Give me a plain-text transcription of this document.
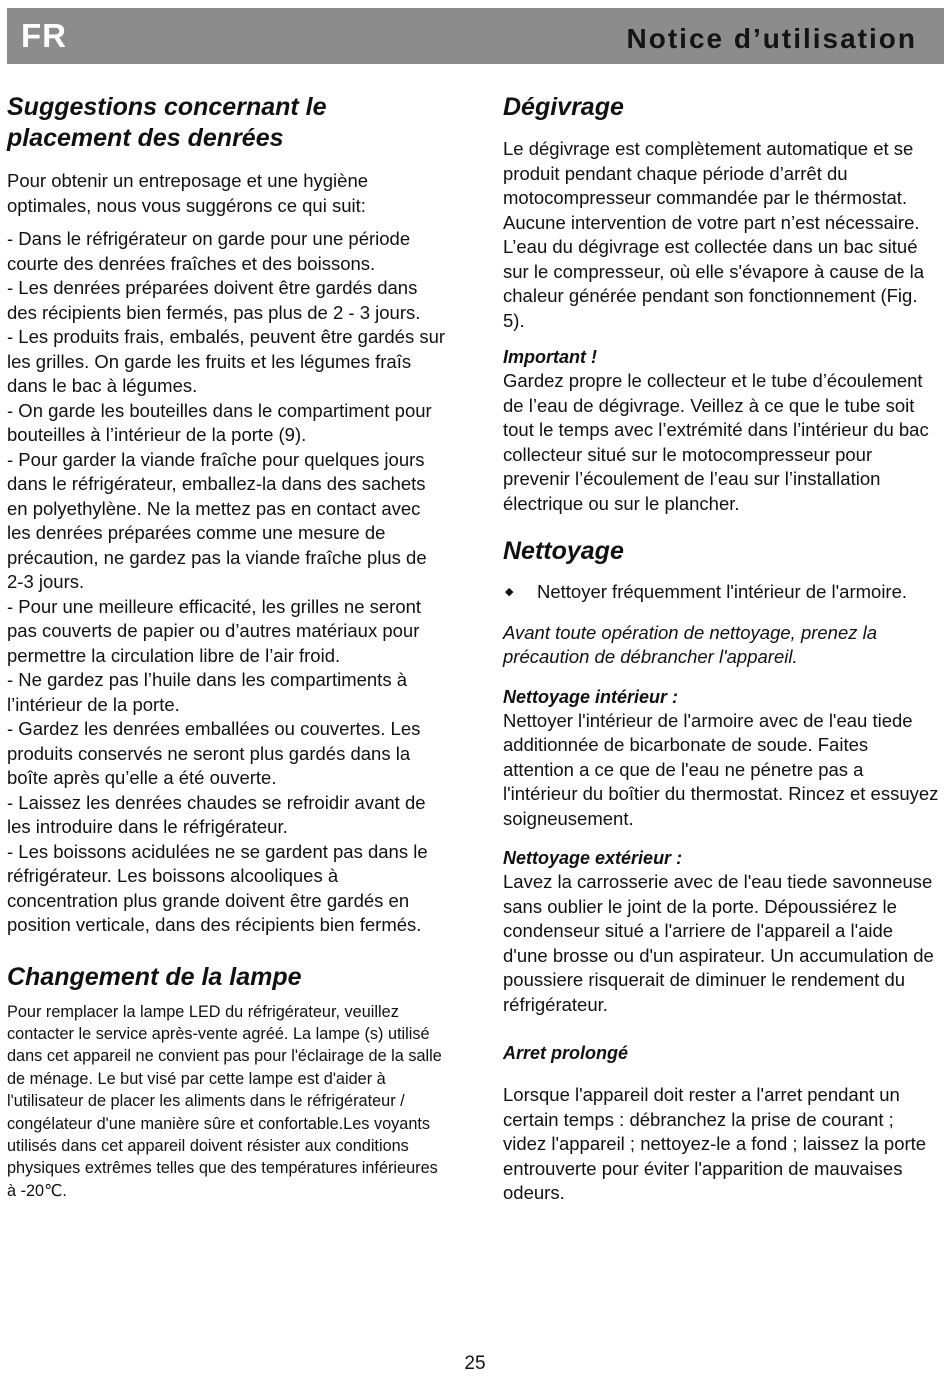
FR	Notice d’utilisation
Suggestions concernant le placement des denrées

Pour obtenir un entreposage et une hygiène optimales, nous vous suggérons ce qui suit:

- Dans le réfrigérateur on garde pour une période courte des denrées fraîches et des boissons.

- Les denrées préparées doivent être gardés dans des récipients bien fermés, pas plus de 2 - 3 jours.

- Les produits frais, embalés, peuvent être gardés sur les grilles. On garde les fruits et les légumes fraîs dans le bac à légumes.

- On garde les bouteilles dans le compartiment pour bouteilles à l’intérieur de la porte (9).

- Pour garder la viande fraîche pour quelques jours dans le réfrigérateur, emballez-la dans des sachets en polyethylène. Ne la mettez pas en contact avec les denrées préparées comme une mesure de précaution, ne gardez pas la viande fraîche plus de 2-3 jours.

- Pour une meilleure efficacité, les grilles ne seront pas couverts de papier ou d’autres matériaux pour permettre la circulation libre de l’air froid.

- Ne gardez pas l’huile dans les compartiments à l’intérieur de la porte.

- Gardez les denrées emballées ou couvertes. Les produits conservés ne seront plus gardés dans la boîte après qu’elle a été ouverte.

- Laissez les denrées chaudes se refroidir avant de les introduire dans le réfrigérateur.

- Les boissons acidulées ne se gardent pas dans le réfrigérateur. Les boissons alcooliques à concentration plus grande doivent être gardés en position verticale, dans des récipients bien fermés.

Changement de la lampe

Pour remplacer la lampe LED du réfrigérateur, veuillez contacter le service après-vente agréé. La lampe (s) utilisé dans cet appareil ne convient pas pour l'éclairage de la salle de ménage. Le but visé par cette lampe est d'aider à l'utilisateur de placer les aliments dans le réfrigérateur / congélateur d'une manière sûre et confortable.Les voyants utilisés dans cet appareil doivent résister aux conditions physiques extrêmes telles que des températures inférieures à -20℃.

Dégivrage

Le dégivrage est complètement automatique et se produit pendant chaque période d’arrêt du motocompresseur commandée par le thérmostat.

Aucune intervention de votre part n’est nécessaire.

L’eau du dégivrage est collectée dans un bac situé sur le compresseur, où elle s'évapore à cause de la chaleur générée pendant son fonctionnement (Fig. 5).

Important !

Gardez propre le collecteur et le tube d’écoulement de l’eau de dégivrage. Veillez à ce que le tube soit tout le temps avec l’extrémité dans l’intérieur du bac collecteur situé sur le motocompresseur pour prevenir l’écoulement de l’eau sur l’installation électrique ou sur le plancher.

Nettoyage
◆	Nettoyer fréquemment l'intérieur de l'armoire.

Avant toute opération de nettoyage, prenez la précaution de débrancher l'appareil.

Nettoyage intérieur :

Nettoyer l'intérieur de l'armoire avec de l'eau tiede additionnée de bicarbonate de soude. Faites attention a ce que de l'eau ne pénetre pas a l'intérieur du boîtier du thermostat. Rincez et essuyez soigneusement.

Nettoyage extérieur :

Lavez la carrosserie avec de l'eau tiede savonneuse sans oublier le joint de la porte. Dépoussiérez le condenseur situé a l'arriere de l'appareil a l'aide d'une brosse ou d'un aspirateur. Un accumulation de poussiere risquerait de diminuer le rendement du réfrigérateur.

Arret prolongé

Lorsque l'appareil doit rester a l'arret pendant un certain temps : débranchez la prise de courant ; videz l'appareil ; nettoyez-le a fond ; laissez la porte entrouverte pour éviter l'apparition de mauvaises odeurs.

25
